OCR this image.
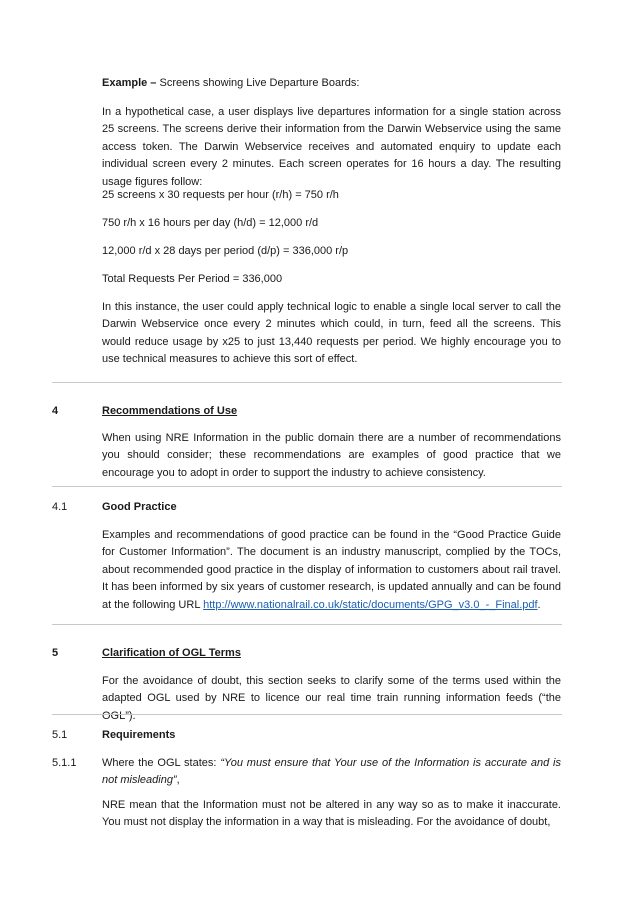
Example – Screens showing Live Departure Boards:
In a hypothetical case, a user displays live departures information for a single station across 25 screens. The screens derive their information from the Darwin Webservice using the same access token. The Darwin Webservice receives and automated enquiry to update each individual screen every 2 minutes. Each screen operates for 16 hours a day. The resulting usage figures follow:
25 screens x 30 requests per hour (r/h) = 750 r/h
750 r/h x 16 hours per day (h/d) = 12,000 r/d
12,000 r/d x 28 days per period (d/p) = 336,000 r/p
Total Requests Per Period = 336,000
In this instance, the user could apply technical logic to enable a single local server to call the Darwin Webservice once every 2 minutes which could, in turn, feed all the screens. This would reduce usage by x25 to just 13,440 requests per period. We highly encourage you to use technical measures to achieve this sort of effect.
4	Recommendations of Use
When using NRE Information in the public domain there are a number of recommendations you should consider; these recommendations are examples of good practice that we encourage you to adopt in order to support the industry to achieve consistency.
4.1	Good Practice
Examples and recommendations of good practice can be found in the “Good Practice Guide for Customer Information”. The document is an industry manuscript, complied by the TOCs, about recommended good practice in the display of information to customers about rail travel. It has been informed by six years of customer research, is updated annually and can be found at the following URL http://www.nationalrail.co.uk/static/documents/GPG_v3.0_-_Final.pdf.
5	Clarification of OGL Terms
For the avoidance of doubt, this section seeks to clarify some of the terms used within the adapted OGL used by NRE to licence our real time train running information feeds (“the OGL”).
5.1	Requirements
5.1.1 Where the OGL states: “You must ensure that Your use of the Information is accurate and is not misleading”,
NRE mean that the Information must not be altered in any way so as to make it inaccurate. You must not display the information in a way that is misleading. For the avoidance of doubt,
